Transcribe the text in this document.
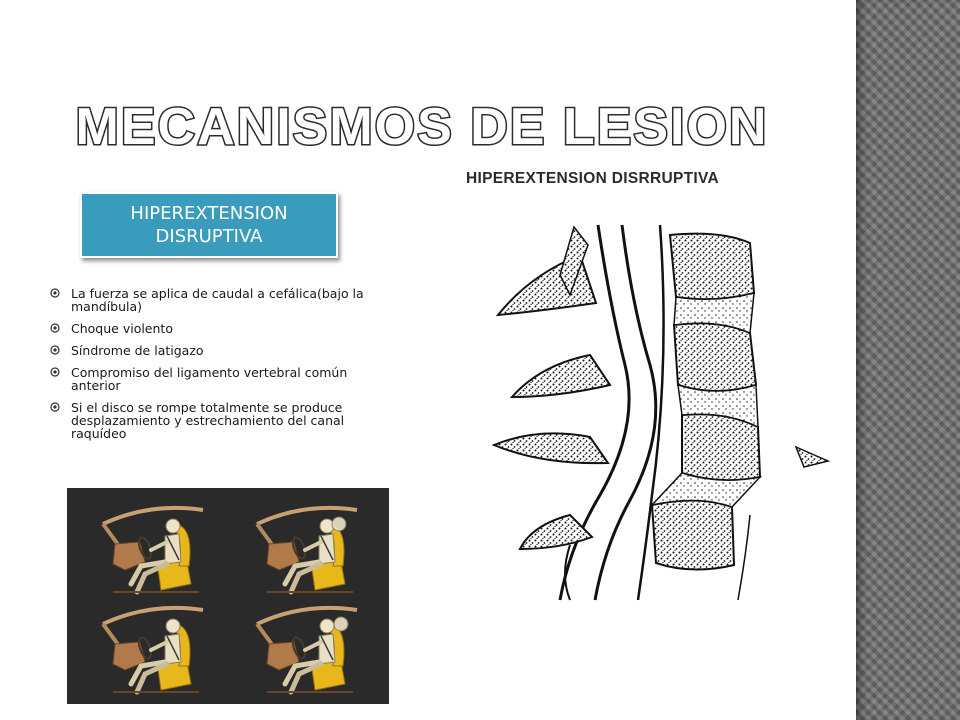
MECANISMOS DE LESION
HIPEREXTENSION DISRUPTIVA
La fuerza se aplica de caudal a cefálica(bajo la mandíbula)
Choque violento
Síndrome de latigazo
Compromiso del ligamento vertebral común anterior
Si el disco se rompe totalmente se produce desplazamiento y estrechamiento del canal raquídeo
HIPEREXTENSION DISRRUPTIVA
